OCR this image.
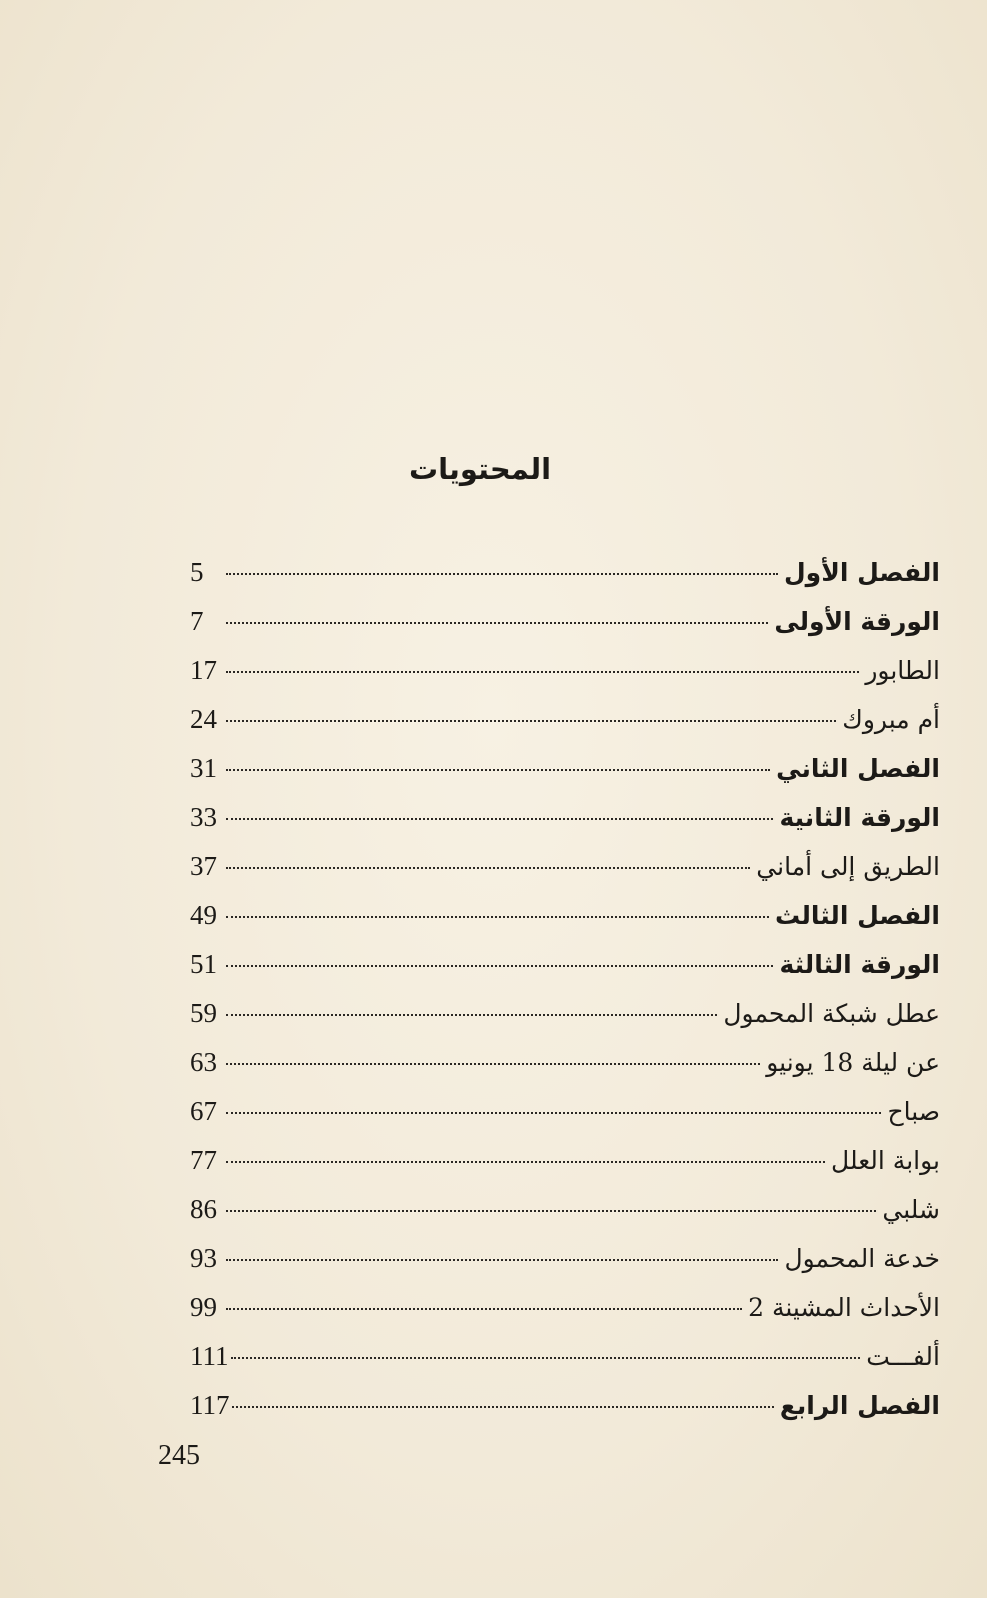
المحتويات
الفصل الأول
5
الورقة الأولى
7
الطابور
17
أم مبروك
24
الفصل الثاني
31
الورقة الثانية
33
الطريق إلى أماني
37
الفصل الثالث
49
الورقة الثالثة
51
عطل شبكة المحمول
59
عن ليلة 18 يونيو
63
صباح
67
بوابة العلل
77
شلبي
86
خدعة المحمول
93
الأحداث المشينة 2
99
ألفـــت
111
الفصل الرابع
117
245
